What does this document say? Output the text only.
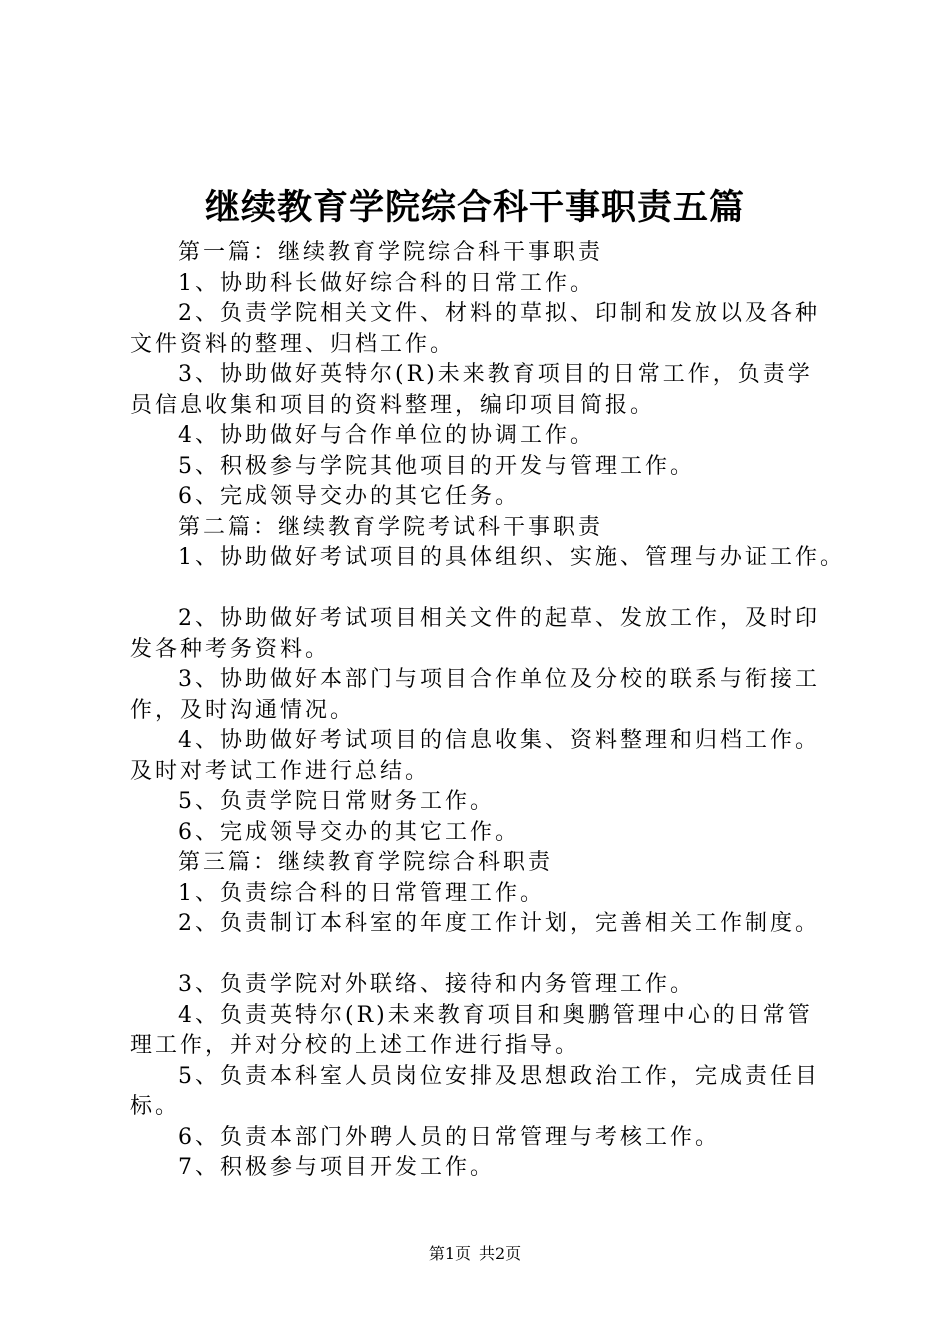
继续教育学院综合科干事职责五篇
第一篇：继续教育学院综合科干事职责
1、协助科长做好综合科的日常工作。
2、负责学院相关文件、材料的草拟、印制和发放以及各种
文件资料的整理、归档工作。
3、协助做好英特尔(R)未来教育项目的日常工作，负责学
员信息收集和项目的资料整理，编印项目简报。
4、协助做好与合作单位的协调工作。
5、积极参与学院其他项目的开发与管理工作。
6、完成领导交办的其它任务。
第二篇：继续教育学院考试科干事职责
1、协助做好考试项目的具体组织、实施、管理与办证工作。
2、协助做好考试项目相关文件的起草、发放工作，及时印
发各种考务资料。
3、协助做好本部门与项目合作单位及分校的联系与衔接工
作，及时沟通情况。
4、协助做好考试项目的信息收集、资料整理和归档工作。
及时对考试工作进行总结。
5、负责学院日常财务工作。
6、完成领导交办的其它工作。
第三篇：继续教育学院综合科职责
1、负责综合科的日常管理工作。
2、负责制订本科室的年度工作计划，完善相关工作制度。
3、负责学院对外联络、接待和内务管理工作。
4、负责英特尔(R)未来教育项目和奥鹏管理中心的日常管
理工作，并对分校的上述工作进行指导。
5、负责本科室人员岗位安排及思想政治工作，完成责任目
标。
6、负责本部门外聘人员的日常管理与考核工作。
7、积极参与项目开发工作。
第1页 共2页
